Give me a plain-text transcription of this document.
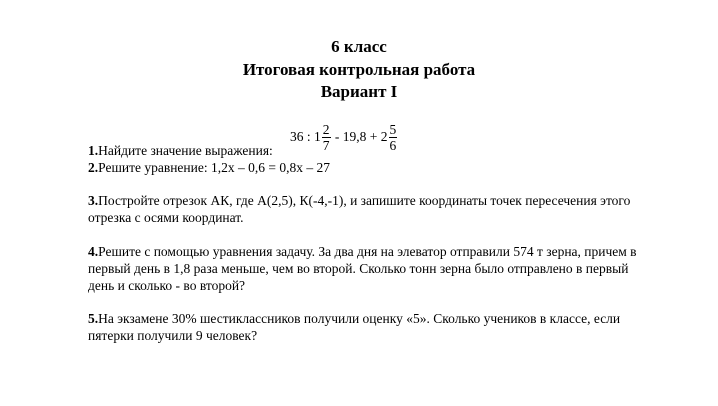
6 класс
Итоговая контрольная работа
Вариант I
36 : $1 \frac{2}{7} - 19,8 + 2 \frac{5}{6}$
1.Найдите значение выражения:
2.Решите уравнение: 1,2x – 0,6 = 0,8x – 27
3.Постройте отрезок АК, где А(2,5), К(-4,-1), и запишите координаты точек пересечения этого отрезка с осями координат.
4.Решите с помощью уравнения задачу. За два дня на элеватор отправили 574 т зерна, причем в первый день в 1,8 раза меньше, чем во второй. Сколько тонн зерна было отправлено в первый день и сколько - во второй?
5.На экзамене 30% шестиклассников получили оценку «5». Сколько учеников в классе, если пятерки получили 9 человек?
